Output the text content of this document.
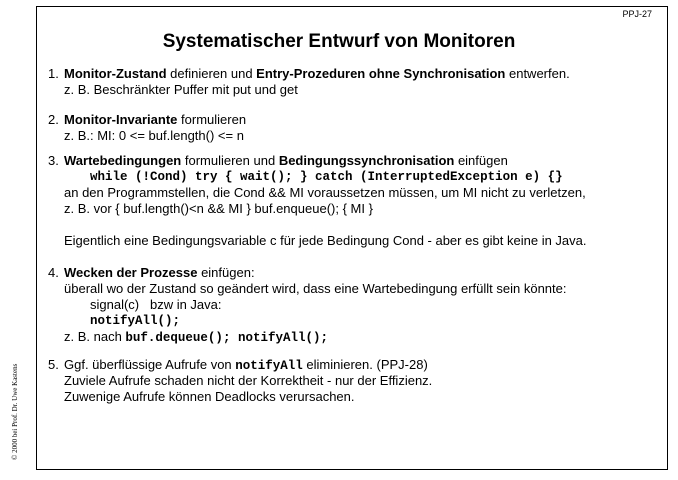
PPJ-27
Systematischer Entwurf von Monitoren
© 2000 bei Prof. Dr. Uwe Kastens
1. Monitor-Zustand definieren und Entry-Prozeduren ohne Synchronisation entwerfen.
z. B. Beschränkter Puffer mit put und get
2. Monitor-Invariante formulieren
z. B.: MI: 0 <= buf.length() <= n
3. Wartebedingungen formulieren und Bedingungssynchronisation einfügen
while (!Cond) try { wait(); } catch (InterruptedException e) {}
an den Programmstellen, die Cond && MI voraussetzen müssen, um MI nicht zu verletzen,
z. B. vor { buf.length()<n && MI } buf.enqueue(); { MI }
Eigentlich eine Bedingungsvariable c für jede Bedingung Cond - aber es gibt keine in Java.
4. Wecken der Prozesse einfügen:
überall wo der Zustand so geändert wird, dass eine Wartebedingung erfüllt sein könnte:
signal(c)   bzw in Java:
notifyAll();
z. B. nach buf.dequeue(); notifyAll();
5. Ggf. überflüssige Aufrufe von notifyAll eliminieren. (PPJ-28)
Zuviele Aufrufe schaden nicht der Korrektheit - nur der Effizienz.
Zuwenige Aufrufe können Deadlocks verursachen.
